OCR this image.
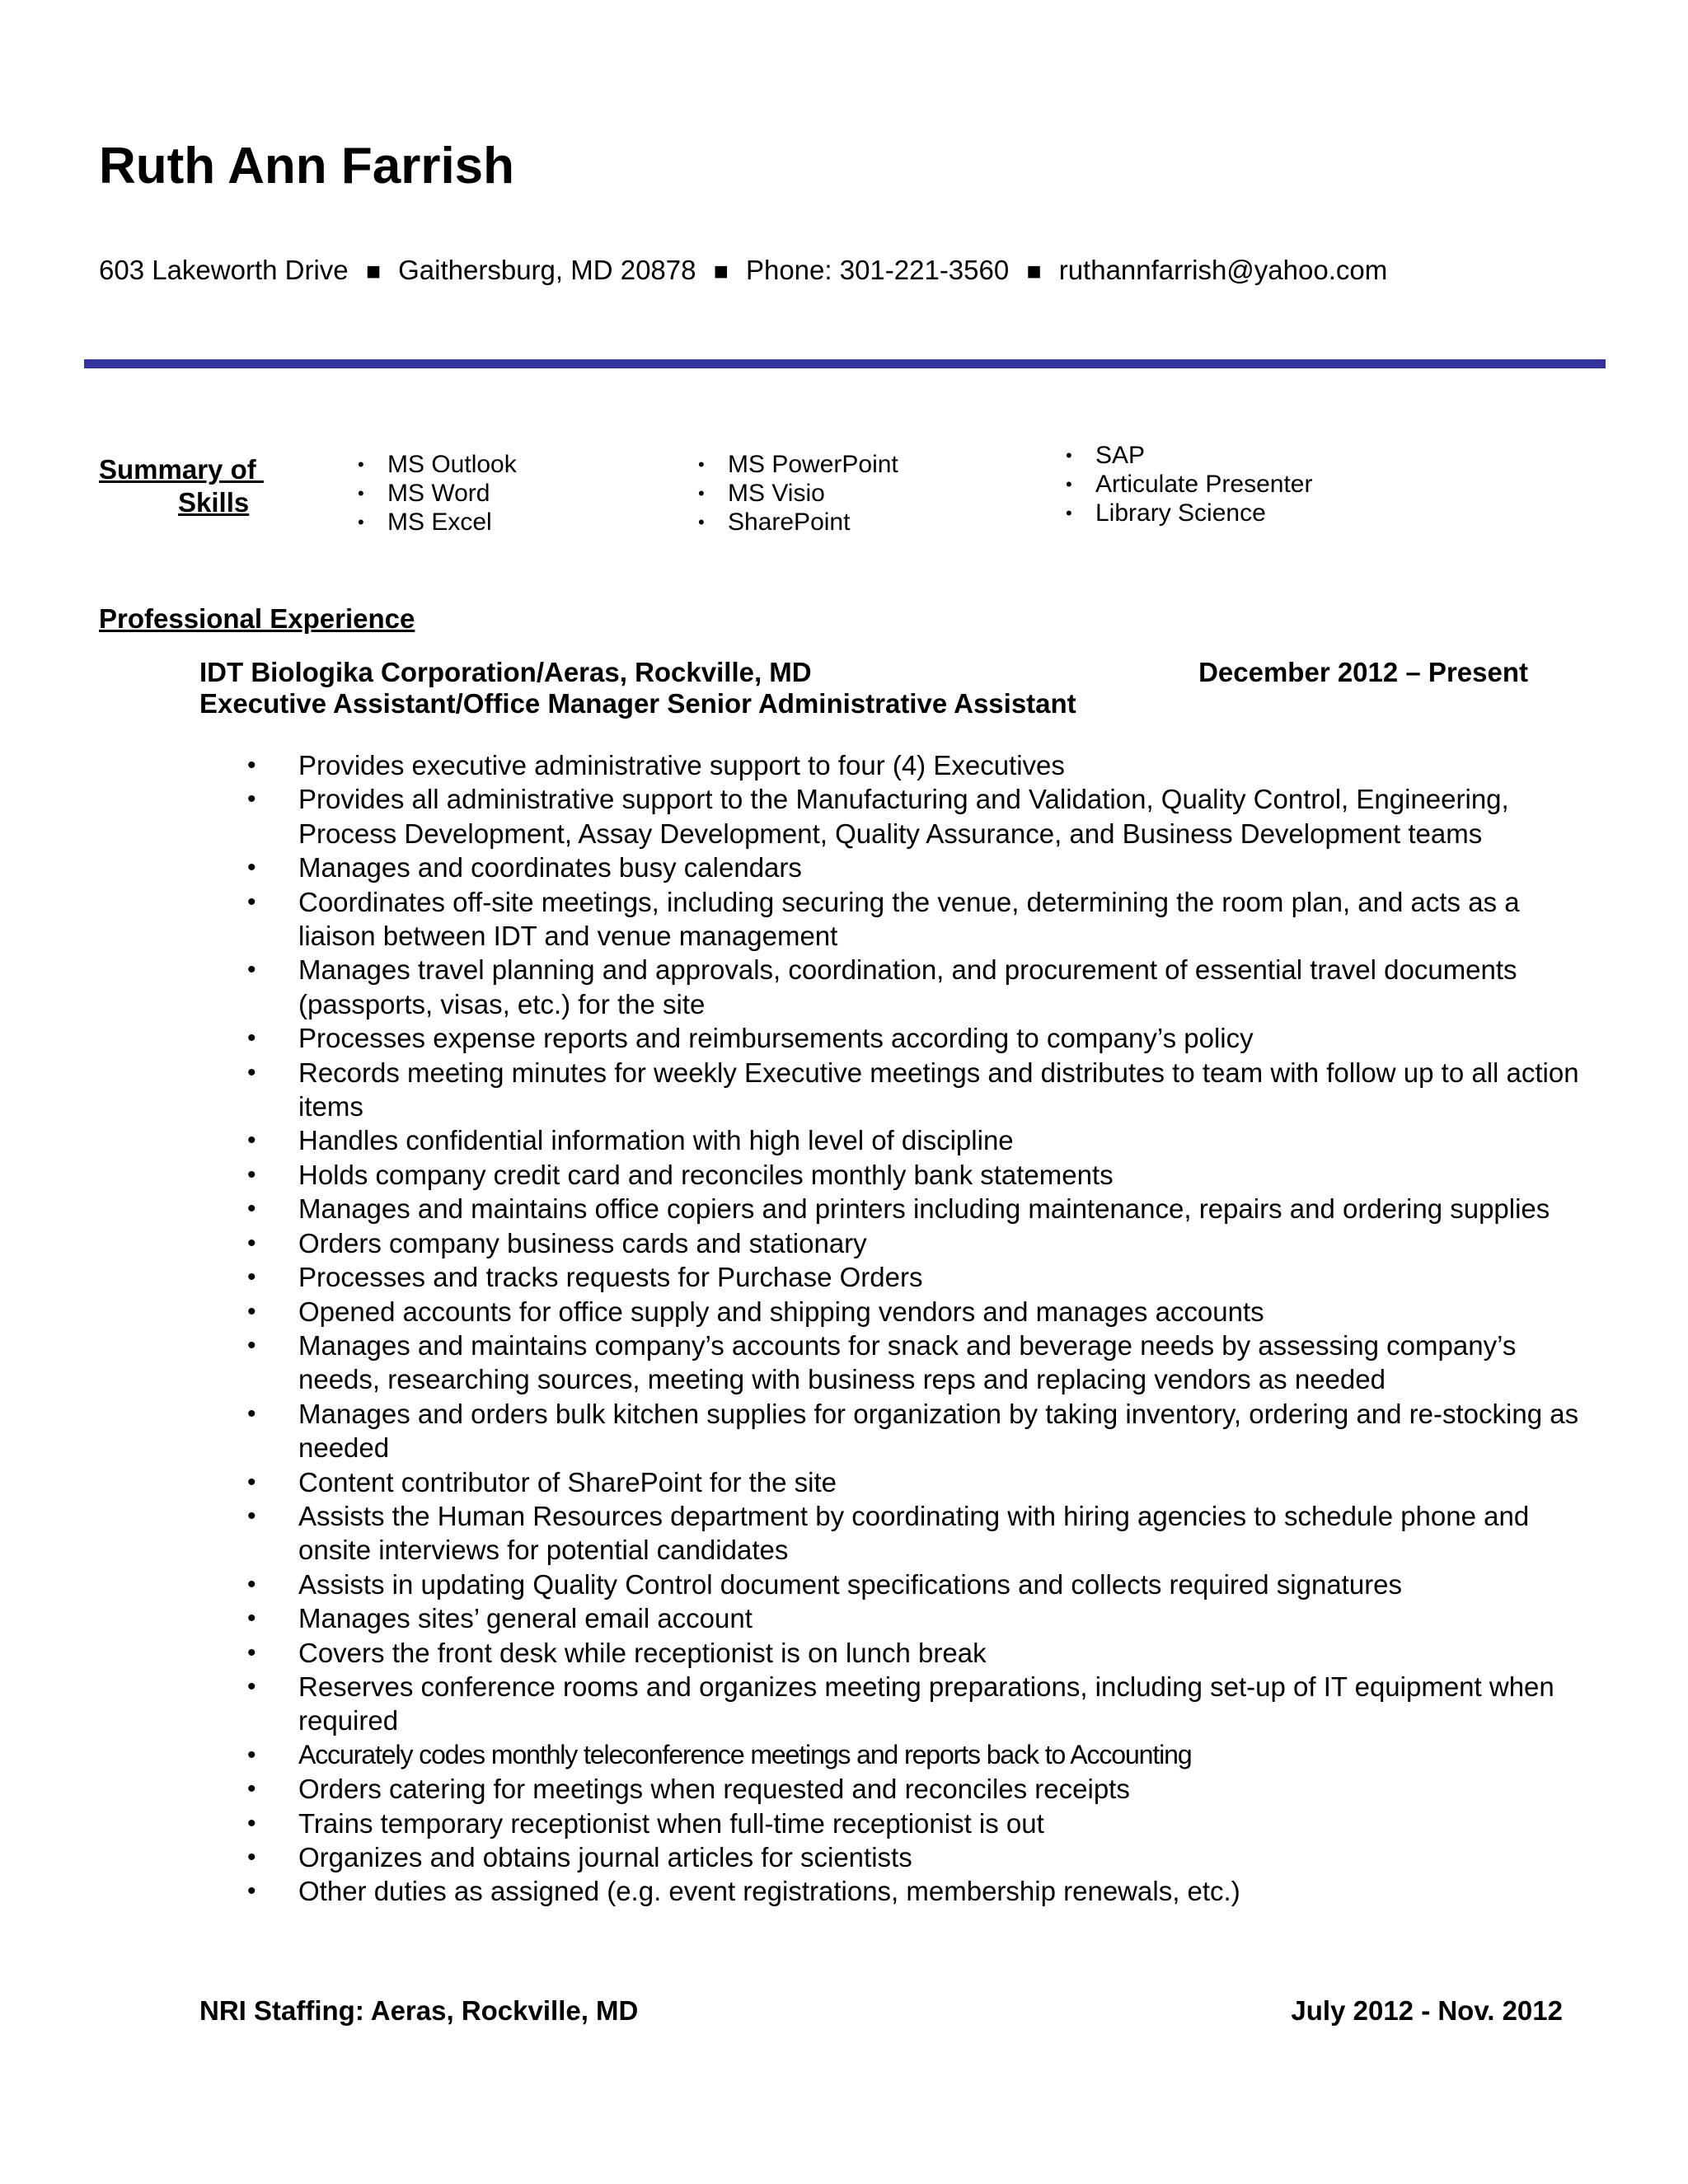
Ruth Ann Farrish
603 Lakeworth Drive ■ Gaithersburg, MD 20878 ■ Phone: 301-221-3560 ■ ruthannfarrish@yahoo.com
Summary of
Skills
• MS Outlook
• MS Word
• MS Excel
• MS PowerPoint
• MS Visio
• SharePoint
• SAP
• Articulate Presenter
• Library Science
Professional Experience
IDT Biologika Corporation/Aeras, Rockville, MD	December 2012 – Present
Executive Assistant/Office Manager Senior Administrative Assistant
• Provides executive administrative support to four (4) Executives
• Provides all administrative support to the Manufacturing and Validation, Quality Control, Engineering, Process Development, Assay Development, Quality Assurance, and Business Development teams
• Manages and coordinates busy calendars
• Coordinates off-site meetings, including securing the venue, determining the room plan, and acts as a liaison between IDT and venue management
• Manages travel planning and approvals, coordination, and procurement of essential travel documents (passports, visas, etc.) for the site
• Processes expense reports and reimbursements according to company’s policy
• Records meeting minutes for weekly Executive meetings and distributes to team with follow up to all action items
• Handles confidential information with high level of discipline
• Holds company credit card and reconciles monthly bank statements
• Manages and maintains office copiers and printers including maintenance, repairs and ordering supplies
• Orders company business cards and stationary
• Processes and tracks requests for Purchase Orders
• Opened accounts for office supply and shipping vendors and manages accounts
• Manages and maintains company’s accounts for snack and beverage needs by assessing company’s needs, researching sources, meeting with business reps and replacing vendors as needed
• Manages and orders bulk kitchen supplies for organization by taking inventory, ordering and re-stocking as needed
• Content contributor of SharePoint for the site
• Assists the Human Resources department by coordinating with hiring agencies to schedule phone and onsite interviews for potential candidates
• Assists in updating Quality Control document specifications and collects required signatures
• Manages sites’ general email account
• Covers the front desk while receptionist is on lunch break
• Reserves conference rooms and organizes meeting preparations, including set-up of IT equipment when required
• Accurately codes monthly teleconference meetings and reports back to Accounting
• Orders catering for meetings when requested and reconciles receipts
• Trains temporary receptionist when full-time receptionist is out
• Organizes and obtains journal articles for scientists
• Other duties as assigned (e.g. event registrations, membership renewals, etc.)
NRI Staffing: Aeras, Rockville, MD	July 2012 - Nov. 2012
